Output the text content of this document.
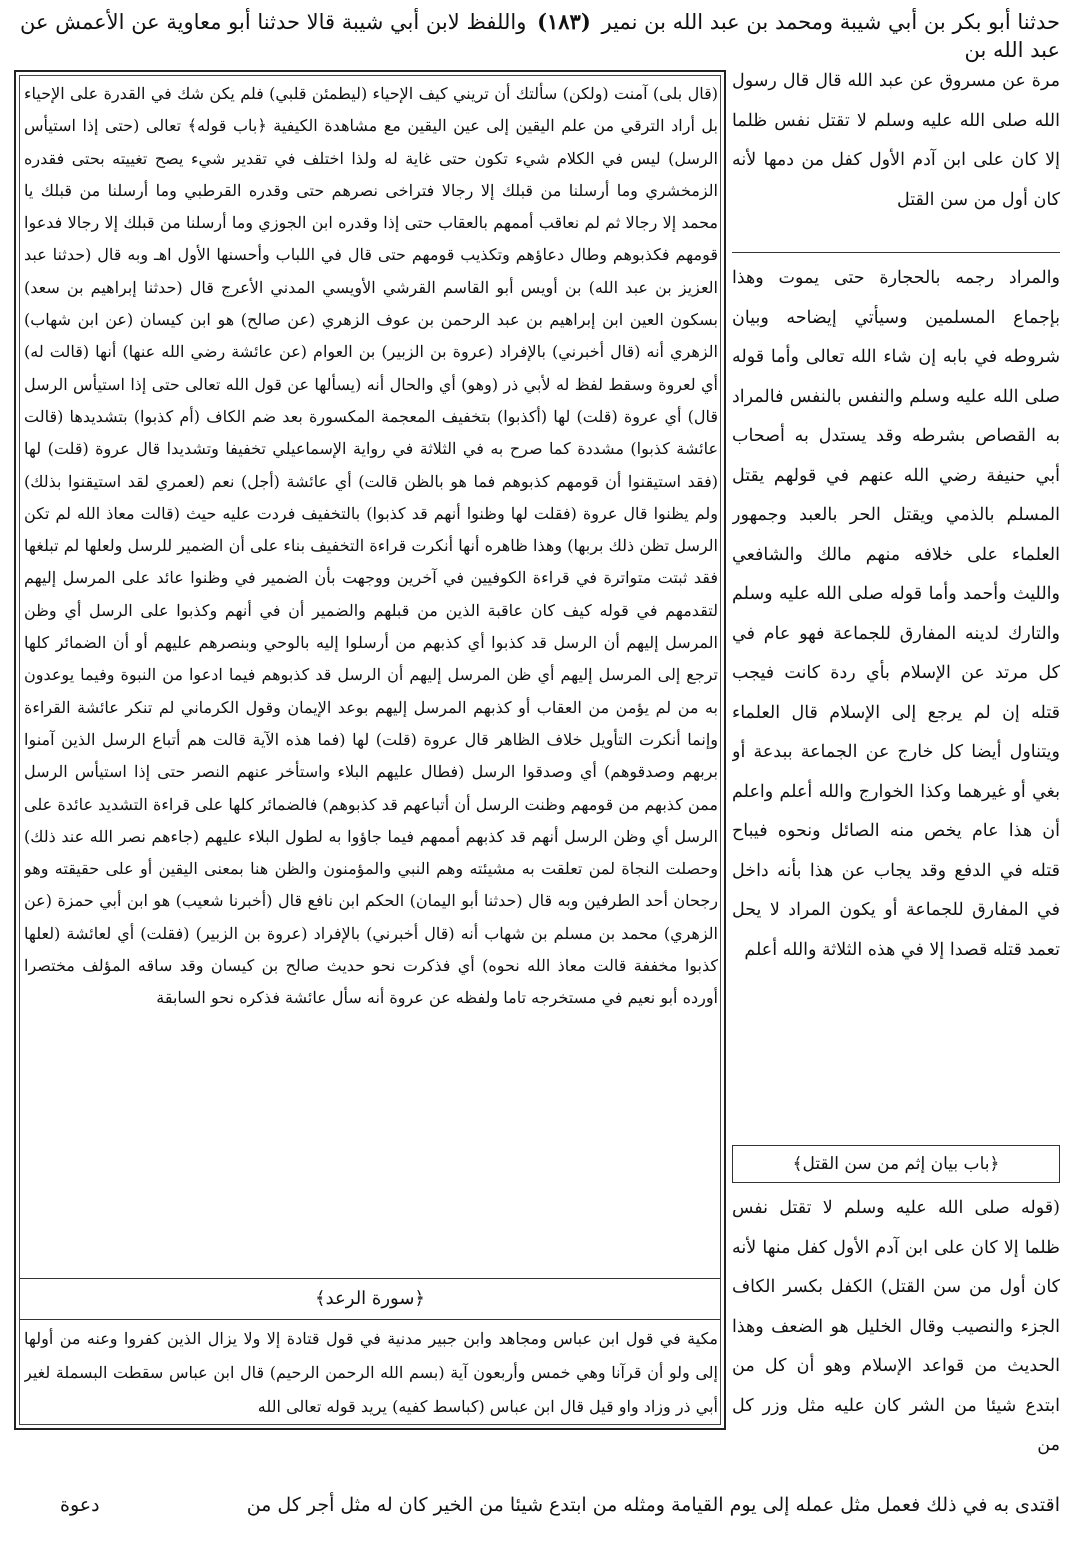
حدثنا أبو بكر بن أبي شيبة ومحمد بن عبد الله بن نمير (١٨٣) واللفظ لابن أبي شيبة قالا حدثنا أبو معاوية عن الأعمش عن عبد الله بن

(قال بلى) آمنت (ولكن) سألتك أن تريني كيف الإحياء (ليطمئن قلبي) فلم يكن شك في القدرة على الإحياء بل أراد الترقي من علم اليقين إلى عين اليقين مع مشاهدة الكيفية ﴿باب قوله﴾ تعالى (حتى إذا استيأس الرسل) ليس في الكلام شيء تكون حتى غاية له ولذا اختلف في تقدير شيء يصح تغييته بحتى فقدره الزمخشري وما أرسلنا من قبلك إلا رجالا فتراخى نصرهم حتى وقدره القرطبي وما أرسلنا من قبلك يا محمد إلا رجالا ثم لم نعاقب أممهم بالعقاب حتى إذا وقدره ابن الجوزي وما أرسلنا من قبلك إلا رجالا فدعوا قومهم فكذبوهم وطال دعاؤهم وتكذيب قومهم حتى قال في اللباب وأحسنها الأول اهـ وبه قال (حدثنا عبد العزيز بن عبد الله) بن أويس أبو القاسم القرشي الأويسي المدني الأعرج قال (حدثنا إبراهيم بن سعد) بسكون العين ابن إبراهيم بن عبد الرحمن بن عوف الزهري (عن صالح) هو ابن كيسان (عن ابن شهاب) الزهري أنه (قال أخبرني) بالإفراد (عروة بن الزبير) بن العوام (عن عائشة رضي الله عنها) أنها (قالت له) أي لعروة وسقط لفظ له لأبي ذر (وهو) أي والحال أنه (يسألها عن قول الله تعالى حتى إذا استيأس الرسل قال) أي عروة (قلت) لها (أكذبوا) بتخفيف المعجمة المكسورة بعد ضم الكاف (أم كذبوا) بتشديدها (قالت عائشة كذبوا) مشددة كما صرح به في الثلاثة في رواية الإسماعيلي تخفيفا وتشديدا قال عروة (قلت) لها (فقد استيقنوا أن قومهم كذبوهم فما هو بالظن قالت) أي عائشة (أجل) نعم (لعمري لقد استيقنوا بذلك) ولم يظنوا قال عروة (فقلت لها وظنوا أنهم قد كذبوا) بالتخفيف فردت عليه حيث (قالت معاذ الله لم تكن الرسل تظن ذلك بربها) وهذا ظاهره أنها أنكرت قراءة التخفيف بناء على أن الضمير للرسل ولعلها لم تبلغها فقد ثبتت متواترة في قراءة الكوفيين في آخرين ووجهت بأن الضمير في وظنوا عائد على المرسل إليهم لتقدمهم في قوله كيف كان عاقبة الذين من قبلهم والضمير أن في أنهم وكذبوا على الرسل أي وظن المرسل إليهم أن الرسل قد كذبوا أي كذبهم من أرسلوا إليه بالوحي وبنصرهم عليهم أو أن الضمائر كلها ترجع إلى المرسل إليهم أي ظن المرسل إليهم أن الرسل قد كذبوهم فيما ادعوا من النبوة وفيما يوعدون به من لم يؤمن من العقاب أو كذبهم المرسل إليهم بوعد الإيمان وقول الكرماني لم تنكر عائشة القراءة وإنما أنكرت التأويل خلاف الظاهر قال عروة (قلت) لها (فما هذه الآية قالت هم أتباع الرسل الذين آمنوا بربهم وصدقوهم) أي وصدقوا الرسل (فطال عليهم البلاء واستأخر عنهم النصر حتى إذا استيأس الرسل ممن كذبهم من قومهم وظنت الرسل أن أتباعهم قد كذبوهم) فالضمائر كلها على قراءة التشديد عائدة على الرسل أي وظن الرسل أنهم قد كذبهم أممهم فيما جاؤوا به لطول البلاء عليهم (جاءهم نصر الله عند ذلك) وحصلت النجاة لمن تعلقت به مشيئته وهم النبي والمؤمنون والظن هنا بمعنى اليقين أو على حقيقته وهو رجحان أحد الطرفين وبه قال (حدثنا أبو اليمان) الحكم ابن نافع قال (أخبرنا شعيب) هو ابن أبي حمزة (عن الزهري) محمد بن مسلم بن شهاب أنه (قال أخبرني) بالإفراد (عروة بن الزبير) (فقلت) أي لعائشة (لعلها كذبوا مخففة قالت معاذ الله نحوه) أي فذكرت نحو حديث صالح بن كيسان وقد ساقه المؤلف مختصرا أورده أبو نعيم في مستخرجه تاما ولفظه عن عروة أنه سأل عائشة فذكره نحو السابقة

﴿سورة الرعد﴾

مكية في قول ابن عباس ومجاهد وابن جبير مدنية في قول قتادة إلا ولا يزال الذين كفروا وعنه من أولها إلى ولو أن قرآنا وهي خمس وأربعون آية (بسم الله الرحمن الرحيم) قال ابن عباس سقطت البسملة لغير أبي ذر وزاد واو قيل قال ابن عباس (كباسط كفيه) يريد قوله تعالى الله

مرة عن مسروق عن عبد الله قال قال رسول الله صلى الله عليه وسلم لا تقتل نفس ظلما إلا كان على ابن آدم الأول كفل من دمها لأنه كان أول من سن القتل
والمراد رجمه بالحجارة حتى يموت وهذا بإجماع المسلمين وسيأتي إيضاحه وبيان شروطه في بابه إن شاء الله تعالى وأما قوله صلى الله عليه وسلم والنفس بالنفس فالمراد به القصاص بشرطه وقد يستدل به أصحاب أبي حنيفة رضي الله عنهم في قولهم يقتل المسلم بالذمي ويقتل الحر بالعبد وجمهور العلماء على خلافه منهم مالك والشافعي والليث وأحمد وأما قوله صلى الله عليه وسلم والتارك لدينه المفارق للجماعة فهو عام في كل مرتد عن الإسلام بأي ردة كانت فيجب قتله إن لم يرجع إلى الإسلام قال العلماء ويتناول أيضا كل خارج عن الجماعة ببدعة أو بغي أو غيرهما وكذا الخوارج والله أعلم واعلم أن هذا عام يخص منه الصائل ونحوه فيباح قتله في الدفع وقد يجاب عن هذا بأنه داخل في المفارق للجماعة أو يكون المراد لا يحل تعمد قتله قصدا إلا في هذه الثلاثة والله أعلم
﴿باب بيان إثم من سن القتل﴾
(قوله صلى الله عليه وسلم لا تقتل نفس ظلما إلا كان على ابن آدم الأول كفل منها لأنه كان أول من سن القتل) الكفل بكسر الكاف الجزء والنصيب وقال الخليل هو الضعف وهذا الحديث من قواعد الإسلام وهو أن كل من ابتدع شيئا من الشر كان عليه مثل وزر كل من
اقتدى به في ذلك فعمل مثل عمله إلى يوم القيامة ومثله من ابتدع شيئا من الخير كان له مثل أجر كل من
دعوة
